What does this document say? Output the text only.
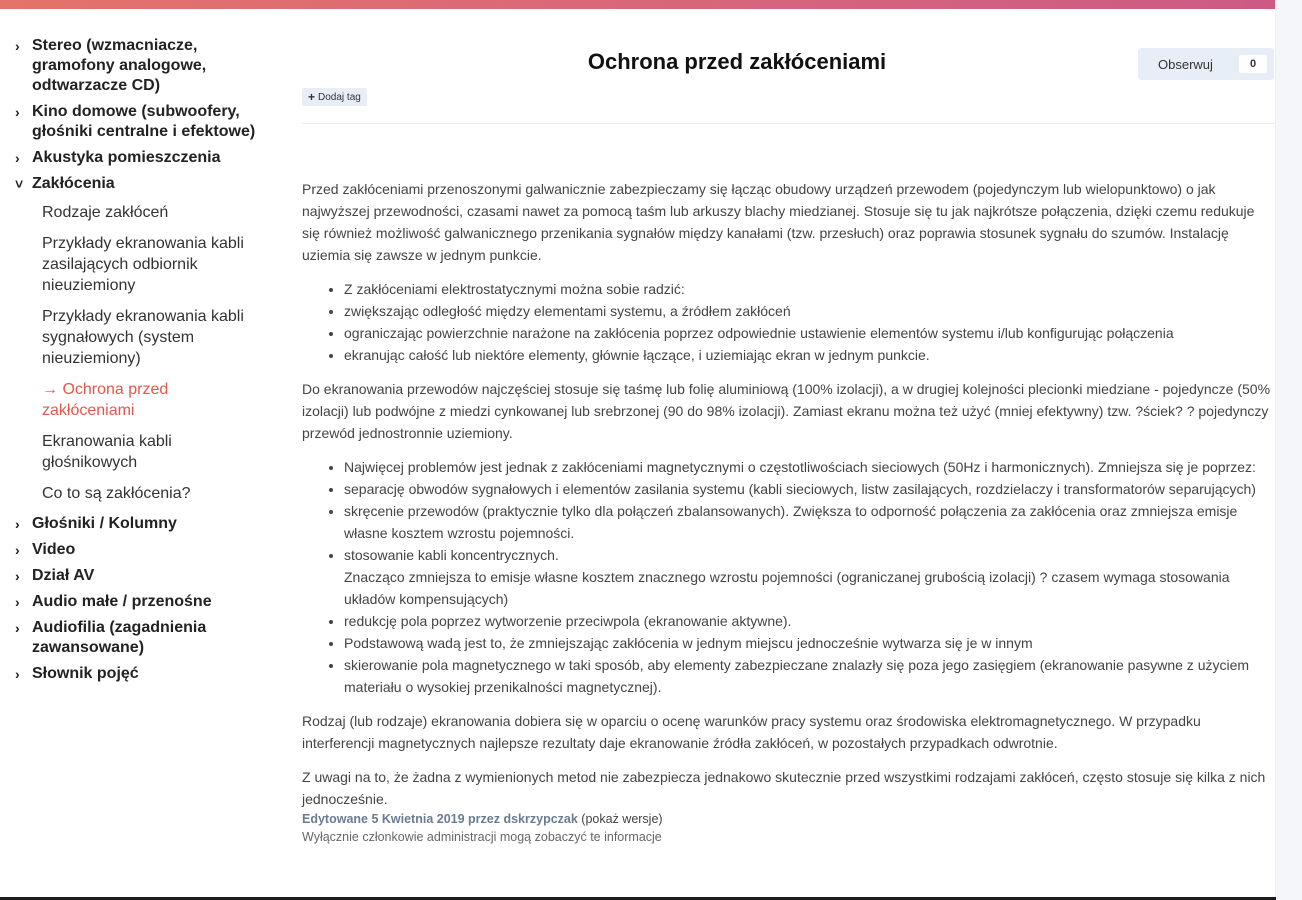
› Stereo (wzmacniacze, gramofony analogowe, odtwarzacze CD)
› Kino domowe (subwoofery, głośniki centralne i efektowe)
› Akustyka pomieszczenia
˅ Zakłócenia
Rodzaje zakłóceń
Przykłady ekranowania kabli zasilających odbiornik nieuziemiony
Przykłady ekranowania kabli sygnałowych (system nieuziemiony)
→ Ochrona przed zakłóceniami
Ekranowania kabli głośnikowych
Co to są zakłócenia?
› Głośniki / Kolumny
› Video
› Dział AV
› Audio małe / przenośne
› Audiofilia (zagadnienia zawansowane)
› Słownik pojęć
Ochrona przed zakłóceniami	Obserwuj	0
+ Dodaj tag

Przed zakłóceniami przenoszonymi galwanicznie zabezpieczamy się łącząc obudowy urządzeń przewodem (pojedynczym lub wielopunktowo) o jak najwyższej przewodności, czasami nawet za pomocą taśm lub arkuszy blachy miedzianej. Stosuje się tu jak najkrótsze połączenia, dzięki czemu redukuje się również możliwość galwanicznego przenikania sygnałów między kanałami (tzw. przesłuch) oraz poprawia stosunek sygnału do szumów. Instalację uziemia się zawsze w jednym punkcie.

• Z zakłóceniami elektrostatycznymi można sobie radzić:
• zwiększając odległość między elementami systemu, a źródłem zakłóceń
• ograniczając powierzchnie narażone na zakłócenia poprzez odpowiednie ustawienie elementów systemu i/lub konfigurując połączenia
• ekranując całość lub niektóre elementy, głównie łączące, i uziemiając ekran w jednym punkcie.

Do ekranowania przewodów najczęściej stosuje się taśmę lub folię aluminiową (100% izolacji), a w drugiej kolejności plecionki miedziane - pojedyncze (50% izolacji) lub podwójne z miedzi cynkowanej lub srebrzonej (90 do 98% izolacji). Zamiast ekranu można też użyć (mniej efektywny) tzw. ?ściek? ? pojedynczy przewód jednostronnie uziemiony.

• Najwięcej problemów jest jednak z zakłóceniami magnetycznymi o częstotliwościach sieciowych (50Hz i harmonicznych). Zmniejsza się je poprzez:
• separację obwodów sygnałowych i elementów zasilania systemu (kabli sieciowych, listw zasilających, rozdzielaczy i transformatorów separujących)
• skręcenie przewodów (praktycznie tylko dla połączeń zbalansowanych). Zwiększa to odporność połączenia za zakłócenia oraz zmniejsza emisje własne kosztem wzrostu pojemności.
• stosowanie kabli koncentrycznych.
Znacząco zmniejsza to emisje własne kosztem znacznego wzrostu pojemności (ograniczanej grubością izolacji) ? czasem wymaga stosowania układów kompensujących)
• redukcję pola poprzez wytworzenie przeciwpola (ekranowanie aktywne).
• Podstawową wadą jest to, że zmniejszając zakłócenia w jednym miejscu jednocześnie wytwarza się je w innym
• skierowanie pola magnetycznego w taki sposób, aby elementy zabezpieczane znalazły się poza jego zasięgiem (ekranowanie pasywne z użyciem materiału o wysokiej przenikalności magnetycznej).

Rodzaj (lub rodzaje) ekranowania dobiera się w oparciu o ocenę warunków pracy systemu oraz środowiska elektromagnetycznego. W przypadku interferencji magnetycznych najlepsze rezultaty daje ekranowanie źródła zakłóceń, w pozostałych przypadkach odwrotnie.

Z uwagi na to, że żadna z wymienionych metod nie zabezpiecza jednakowo skutecznie przed wszystkimi rodzajami zakłóceń, często stosuje się kilka z nich jednocześnie.

Edytowane 5 Kwietnia 2019 przez dskrzypczak (pokaż wersje)
Wyłącznie członkowie administracji mogą zobaczyć te informacje
